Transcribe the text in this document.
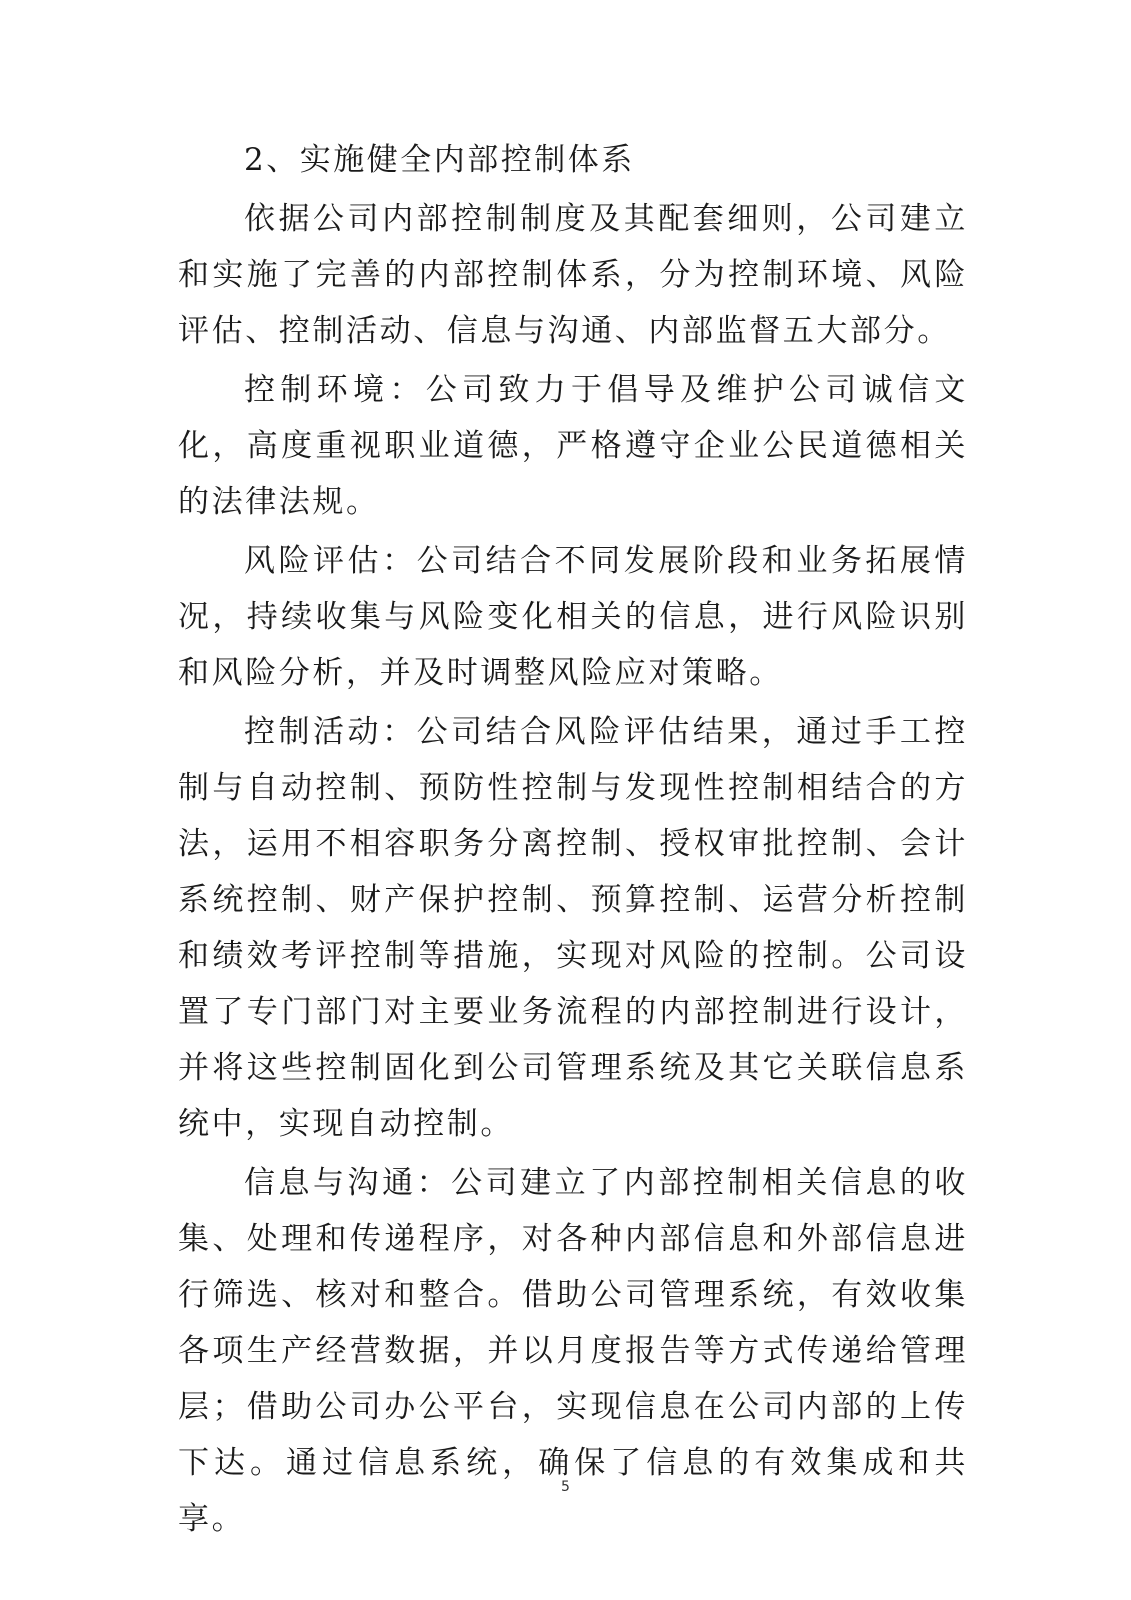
2、实施健全内部控制体系

依据公司内部控制制度及其配套细则，公司建立和实施了完善的内部控制体系，分为控制环境、风险评估、控制活动、信息与沟通、内部监督五大部分。

控制环境：公司致力于倡导及维护公司诚信文化，高度重视职业道德，严格遵守企业公民道德相关的法律法规。

风险评估：公司结合不同发展阶段和业务拓展情况，持续收集与风险变化相关的信息，进行风险识别和风险分析，并及时调整风险应对策略。

控制活动：公司结合风险评估结果，通过手工控制与自动控制、预防性控制与发现性控制相结合的方法，运用不相容职务分离控制、授权审批控制、会计系统控制、财产保护控制、预算控制、运营分析控制和绩效考评控制等措施，实现对风险的控制。公司设置了专门部门对主要业务流程的内部控制进行设计，并将这些控制固化到公司管理系统及其它关联信息系统中，实现自动控制。

信息与沟通：公司建立了内部控制相关信息的收集、处理和传递程序，对各种内部信息和外部信息进行筛选、核对和整合。借助公司管理系统，有效收集各项生产经营数据，并以月度报告等方式传递给管理层；借助公司办公平台，实现信息在公司内部的上传下达。通过信息系统，确保了信息的有效集成和共享。

5
